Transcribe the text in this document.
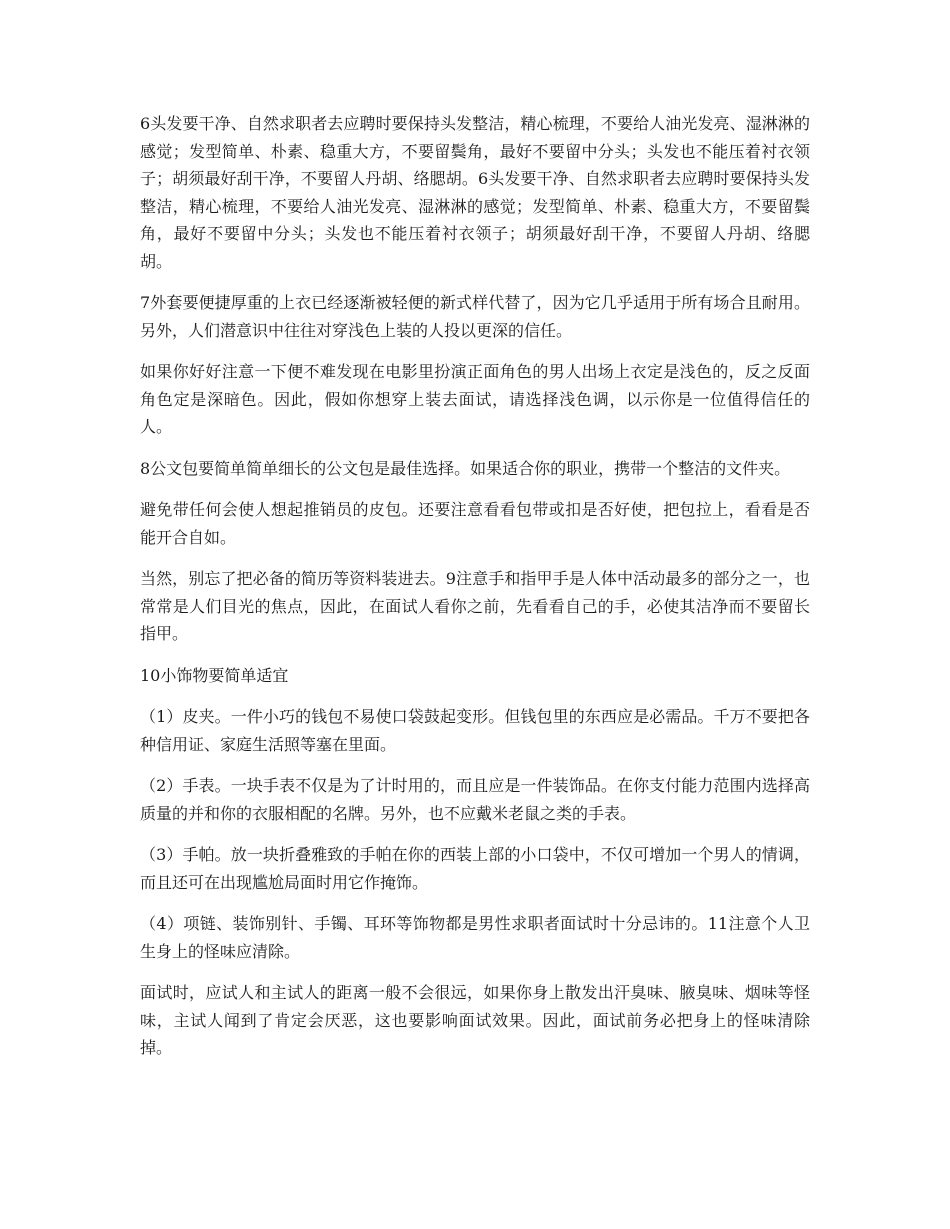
6头发要干净、自然求职者去应聘时要保持头发整洁，精心梳理，不要给人油光发亮、湿淋淋的感觉；发型简单、朴素、稳重大方，不要留鬓角，最好不要留中分头；头发也不能压着衬衣领子；胡须最好刮干净，不要留人丹胡、络腮胡。6头发要干净、自然求职者去应聘时要保持头发整洁，精心梳理，不要给人油光发亮、湿淋淋的感觉；发型简单、朴素、稳重大方，不要留鬓角，最好不要留中分头；头发也不能压着衬衣领子；胡须最好刮干净，不要留人丹胡、络腮胡。

7外套要便捷厚重的上衣已经逐渐被轻便的新式样代替了，因为它几乎适用于所有场合且耐用。另外，人们潜意识中往往对穿浅色上装的人投以更深的信任。

如果你好好注意一下便不难发现在电影里扮演正面角色的男人出场上衣定是浅色的，反之反面角色定是深暗色。因此，假如你想穿上装去面试，请选择浅色调，以示你是一位值得信任的人。

8公文包要简单简单细长的公文包是最佳选择。如果适合你的职业，携带一个整洁的文件夹。

避免带任何会使人想起推销员的皮包。还要注意看看包带或扣是否好使，把包拉上，看看是否能开合自如。

当然，别忘了把必备的简历等资料装进去。9注意手和指甲手是人体中活动最多的部分之一，也常常是人们目光的焦点，因此，在面试人看你之前，先看看自己的手，必使其洁净而不要留长指甲。

10小饰物要简单适宜

（1）皮夹。一件小巧的钱包不易使口袋鼓起变形。但钱包里的东西应是必需品。千万不要把各种信用证、家庭生活照等塞在里面。

（2）手表。一块手表不仅是为了计时用的，而且应是一件装饰品。在你支付能力范围内选择高质量的并和你的衣服相配的名牌。另外，也不应戴米老鼠之类的手表。

（3）手帕。放一块折叠雅致的手帕在你的西装上部的小口袋中，不仅可增加一个男人的情调，而且还可在出现尴尬局面时用它作掩饰。

（4）项链、装饰别针、手镯、耳环等饰物都是男性求职者面试时十分忌讳的。11注意个人卫生身上的怪味应清除。

面试时，应试人和主试人的距离一般不会很远，如果你身上散发出汗臭味、腋臭味、烟味等怪味，主试人闻到了肯定会厌恶，这也要影响面试效果。因此，面试前务必把身上的怪味清除掉。
